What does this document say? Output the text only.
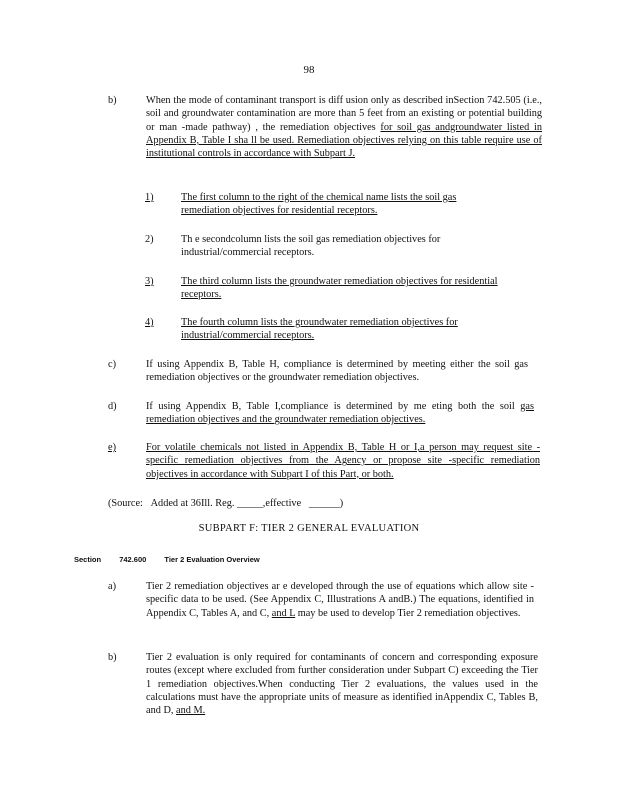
98
b)	When the mode of contaminant transport is diff usion only as described inSection 742.505 (i.e., soil and groundwater contamination are more than 5 feet from an existing or potential building or man -made pathway) , the remediation objectives for soil gas andgroundwater listed in Appendix B, Table I sha ll be used. Remediation objectives relying on this table require use of institutional controls in accordance with Subpart J.
1)	The first column to the right of the chemical name lists the soil gas remediation objectives for residential receptors.
2)	Th e secondcolumn lists the soil gas remediation objectives for industrial/commercial receptors.
3)	The third column lists the groundwater remediation objectives for residential receptors.
4)	The fourth column lists the groundwater remediation objectives for industrial/commercial receptors.
c)	If using Appendix B, Table H, compliance is determined by meeting either the soil gas remediation objectives or the groundwater remediation objectives.
d)	If using Appendix B, Table I,compliance is determined by me eting both the soil gas remediation objectives and the groundwater remediation objectives.
e)	For volatile chemicals not listed in Appendix B, Table H or I,a person may request site -specific remediation objectives from the Agency or propose site -specific remediation objectives in accordance with Subpart I of this Part, or both.
(Source: Added at 36Ill. Reg. _____,effective ______)
SUBPART F: TIER 2 GENERAL EVALUATION
Section 742.600 Tier 2 Evaluation Overview
a)	Tier 2 remediation objectives ar e developed through the use of equations which allow site -specific data to be used. (See Appendix C, Illustrations A andB.) The equations, identified in Appendix C, Tables A, and C, and L may be used to develop Tier 2 remediation objectives.
b)	Tier 2 evaluation is only required for contaminants of concern and corresponding exposure routes (except where excluded from further consideration under Subpart C) exceeding the Tier 1 remediation objectives.When conducting Tier 2 evaluations, the values used in the calculations must have the appropriate units of measure as identified inAppendix C, Tables B, and D, and M.
